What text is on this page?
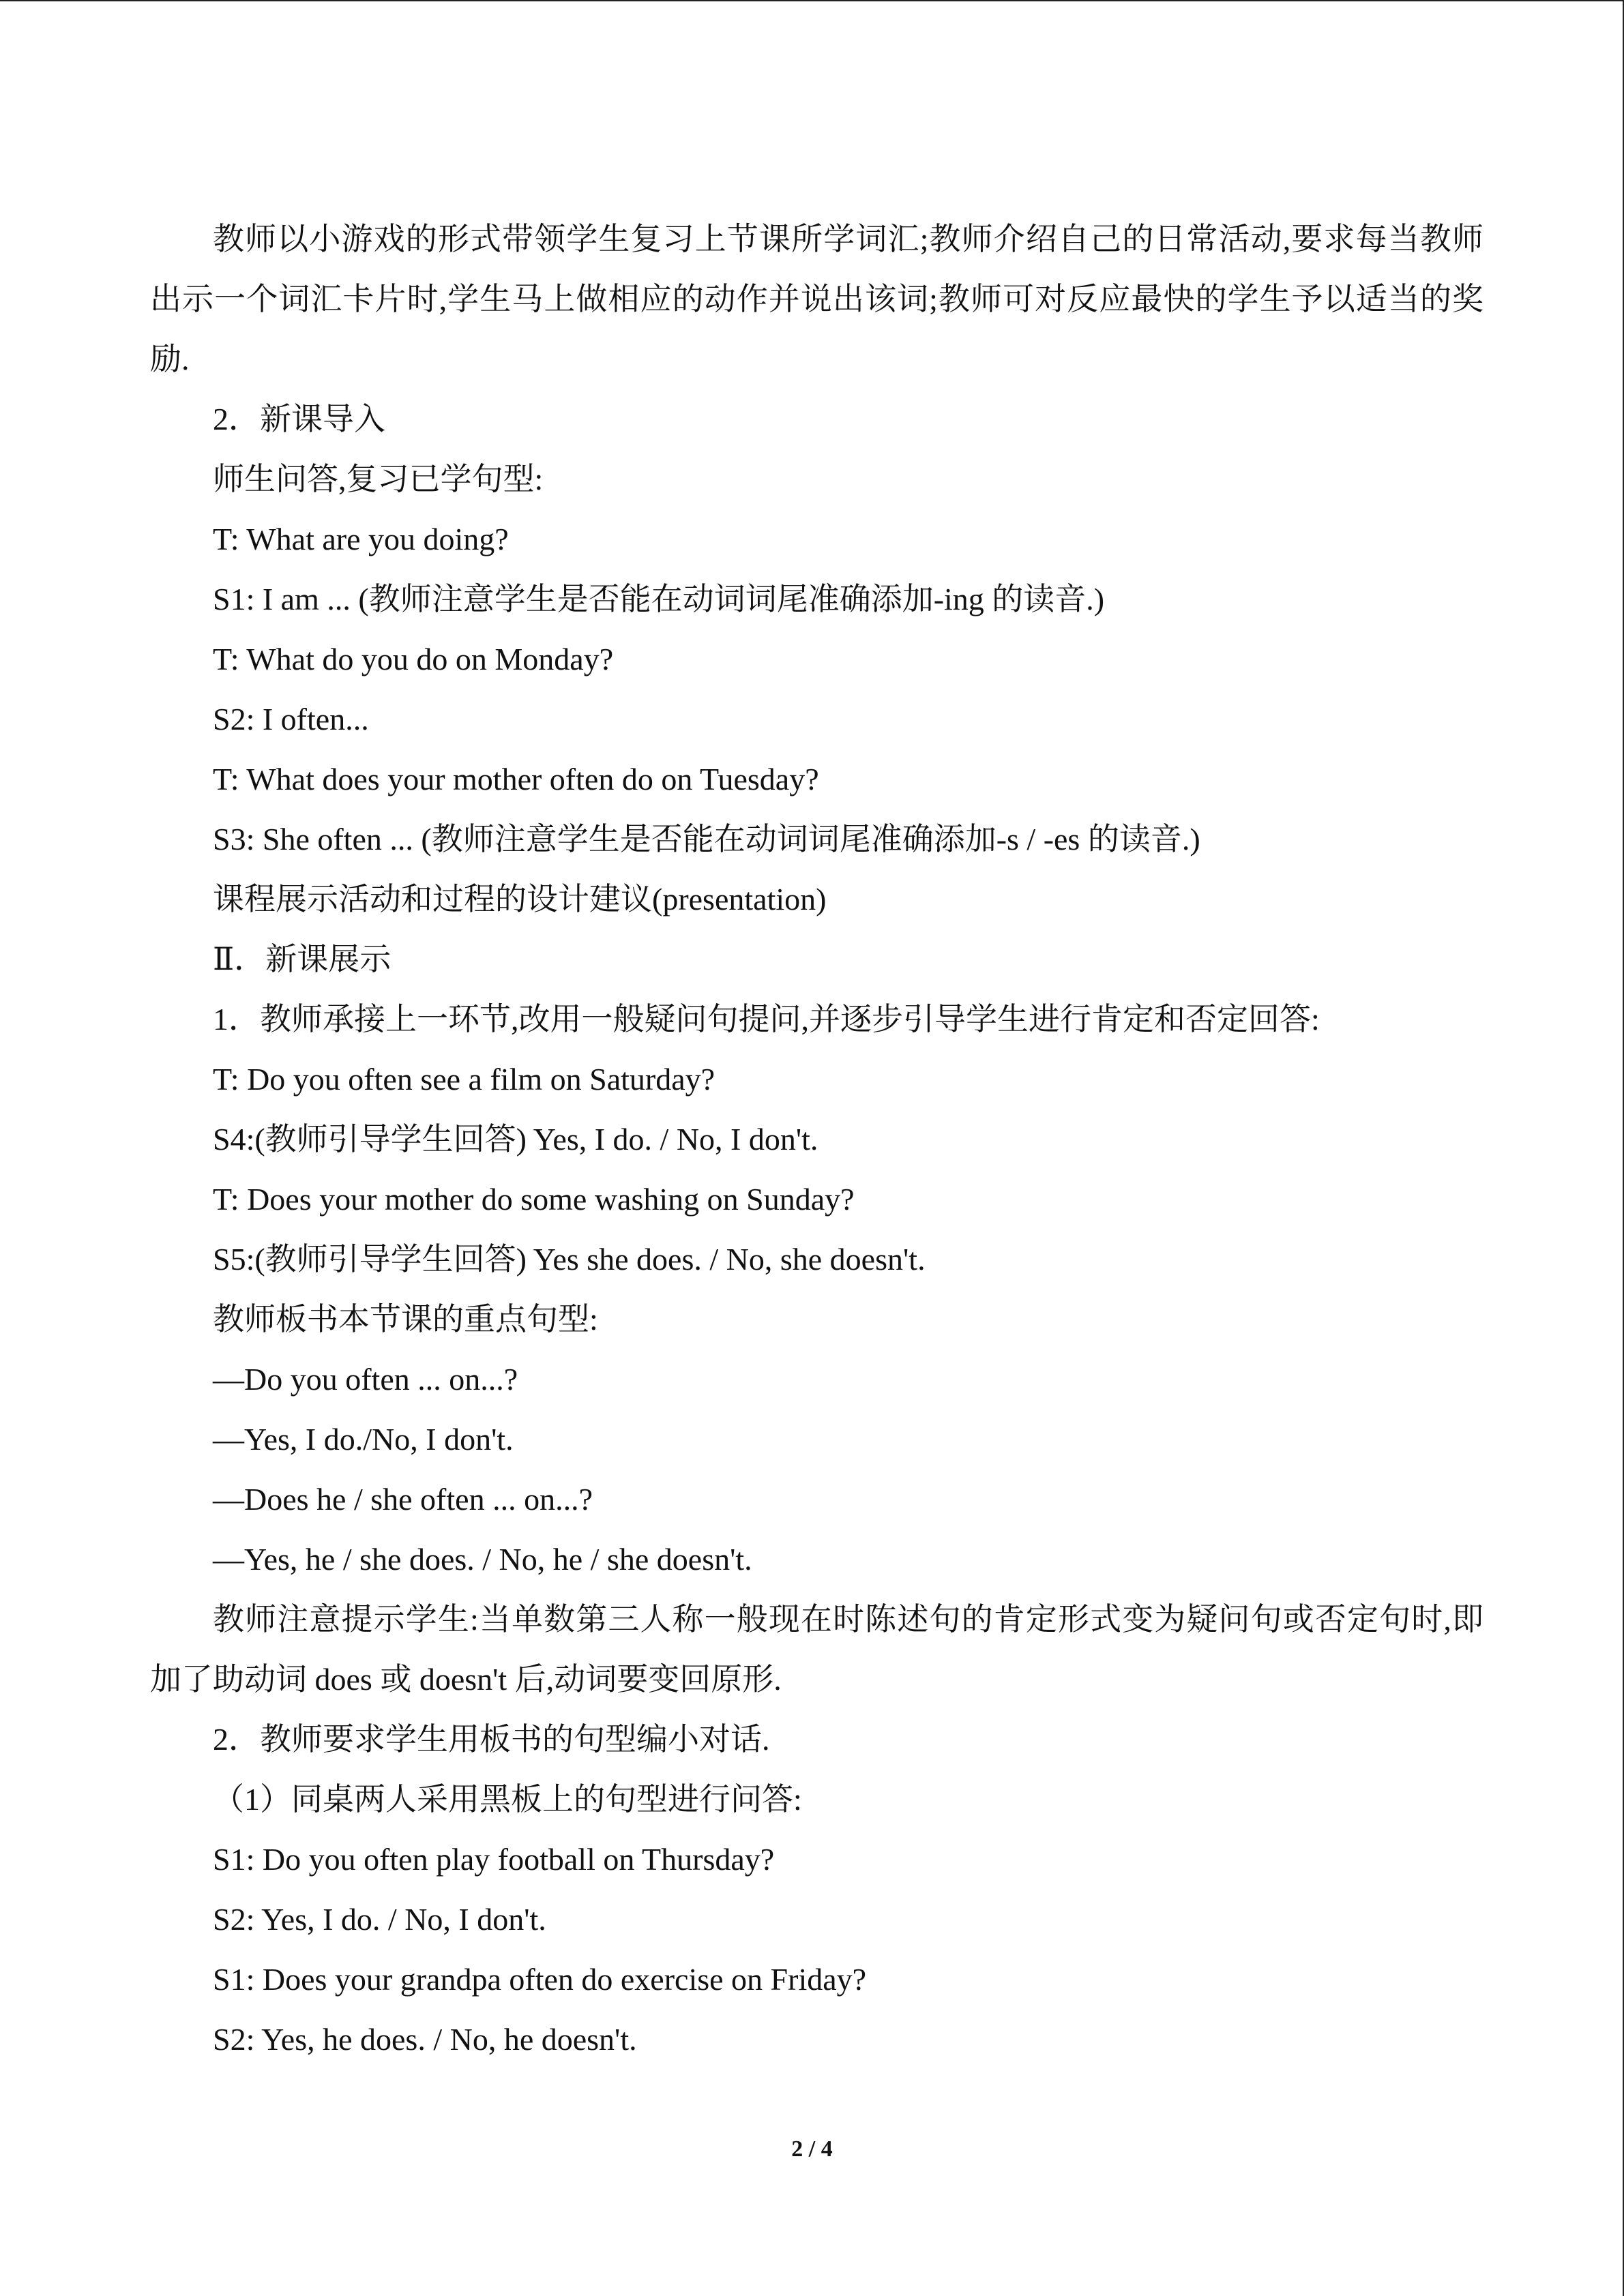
教师以小游戏的形式带领学生复习上节课所学词汇;教师介绍自己的日常活动,要求每当教师出示一个词汇卡片时,学生马上做相应的动作并说出该词;教师可对反应最快的学生予以适当的奖励.

2．新课导入

师生问答,复习已学句型:

T: What are you doing?

S1: I am ... (教师注意学生是否能在动词词尾准确添加-ing 的读音.)

T: What do you do on Monday?

S2: I often...

T: What does your mother often do on Tuesday?

S3: She often ... (教师注意学生是否能在动词词尾准确添加-s / -es 的读音.)

课程展示活动和过程的设计建议(presentation)

Ⅱ．新课展示

1．教师承接上一环节,改用一般疑问句提问,并逐步引导学生进行肯定和否定回答:

T: Do you often see a film on Saturday?

S4:(教师引导学生回答) Yes, I do. / No, I don't.

T: Does your mother do some washing on Sunday?

S5:(教师引导学生回答) Yes she does. / No, she doesn't.

教师板书本节课的重点句型:

—Do you often ... on...?

—Yes, I do./No, I don't.

—Does he / she often ... on...?

—Yes, he / she does. / No, he / she doesn't.

教师注意提示学生:当单数第三人称一般现在时陈述句的肯定形式变为疑问句或否定句时,即加了助动词 does 或 doesn't 后,动词要变回原形.

2．教师要求学生用板书的句型编小对话.

（1）同桌两人采用黑板上的句型进行问答:

S1: Do you often play football on Thursday?

S2: Yes, I do. / No, I don't.

S1: Does your grandpa often do exercise on Friday?

S2: Yes, he does. / No, he doesn't.

2 / 4
